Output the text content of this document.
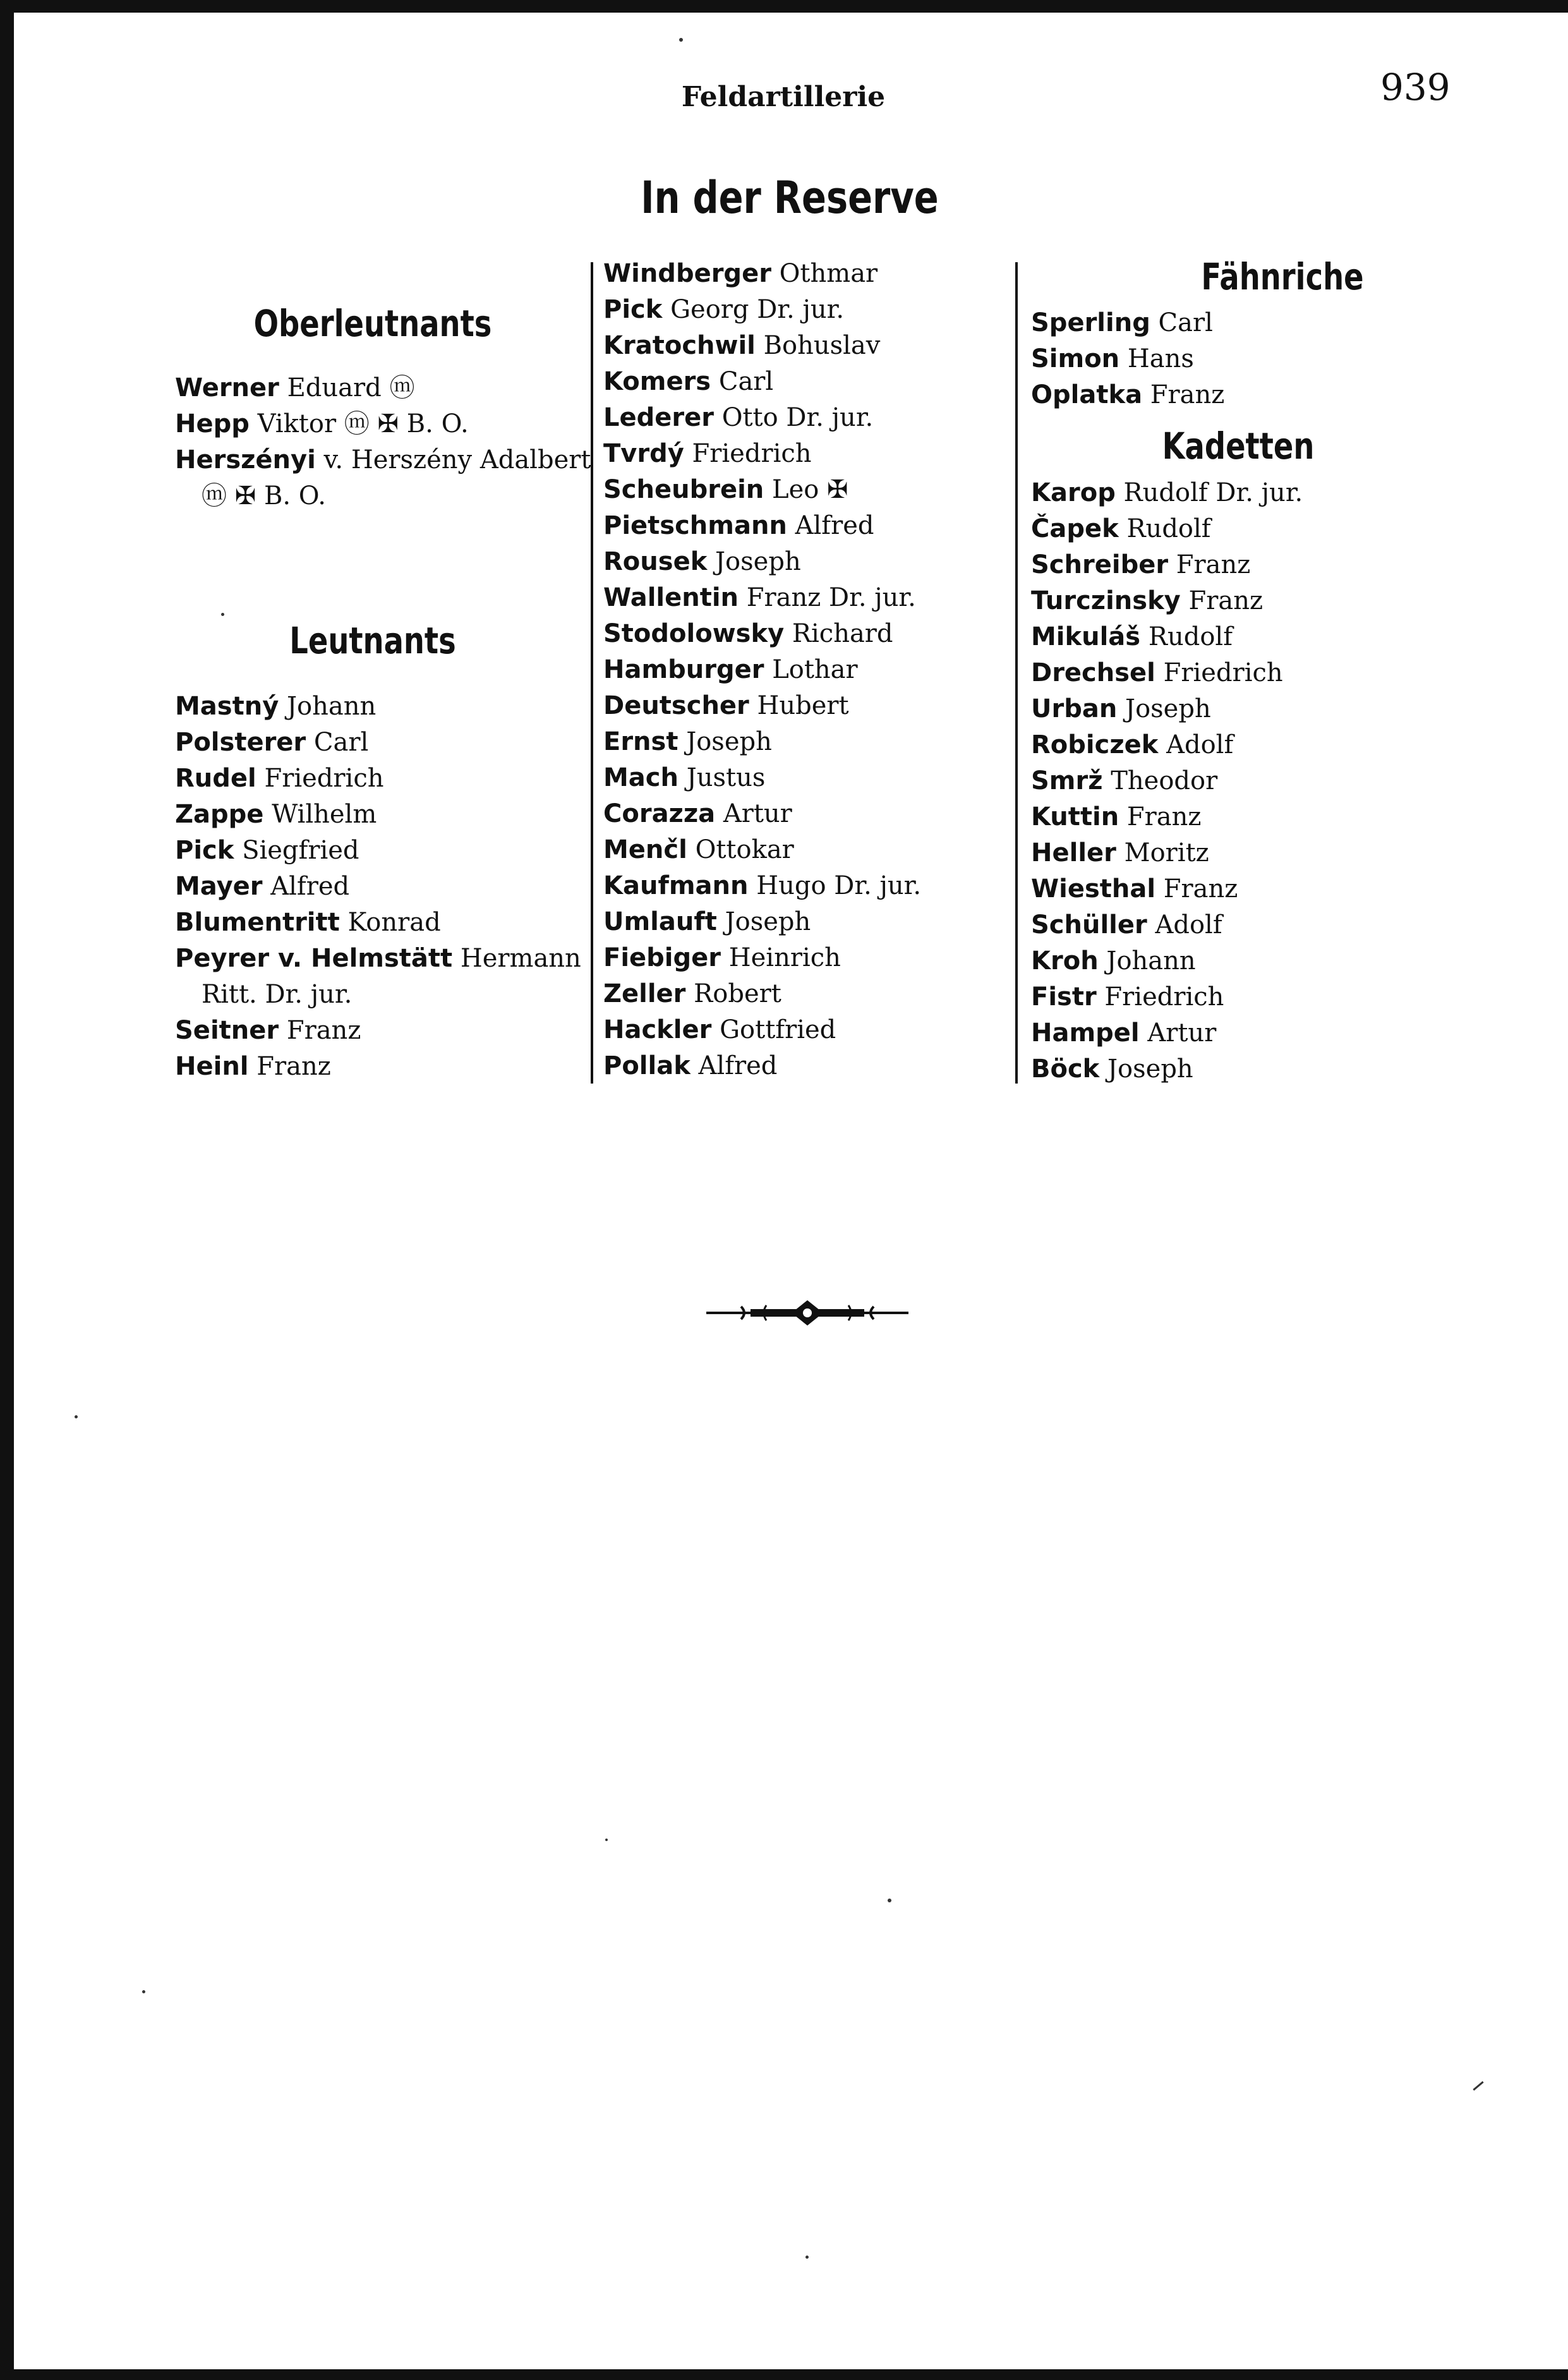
Feldartillerie	939
In der Reserve
Oberleutnants
Werner Eduard ⓜ
Hepp Viktor ⓜ ✠ B. O.
Herszényi v. Herszény Adalbert
ⓜ ✠ B. O.
Leutnants
Mastný Johann
Polsterer Carl
Rudel Friedrich
Zappe Wilhelm
Pick Siegfried
Mayer Alfred
Blumentritt Konrad
Peyrer v. Helmstätt Hermann
Ritt. Dr. jur.
Seitner Franz
Heinl Franz
Windberger Othmar
Pick Georg Dr. jur.
Kratochwil Bohuslav
Komers Carl
Lederer Otto Dr. jur.
Tvrdý Friedrich
Scheubrein Leo ✠
Pietschmann Alfred
Rousek Joseph
Wallentin Franz Dr. jur.
Stodolowsky Richard
Hamburger Lothar
Deutscher Hubert
Ernst Joseph
Mach Justus
Corazza Artur
Menčl Ottokar
Kaufmann Hugo Dr. jur.
Umlauft Joseph
Fiebiger Heinrich
Zeller Robert
Hackler Gottfried
Pollak Alfred
Fähnriche
Sperling Carl
Simon Hans
Oplatka Franz
Kadetten
Karop Rudolf Dr. jur.
Čapek Rudolf
Schreiber Franz
Turczinsky Franz
Mikuláš Rudolf
Drechsel Friedrich
Urban Joseph
Robiczek Adolf
Smrž Theodor
Kuttin Franz
Heller Moritz
Wiesthal Franz
Schüller Adolf
Kroh Johann
Fistr Friedrich
Hampel Artur
Böck Joseph
